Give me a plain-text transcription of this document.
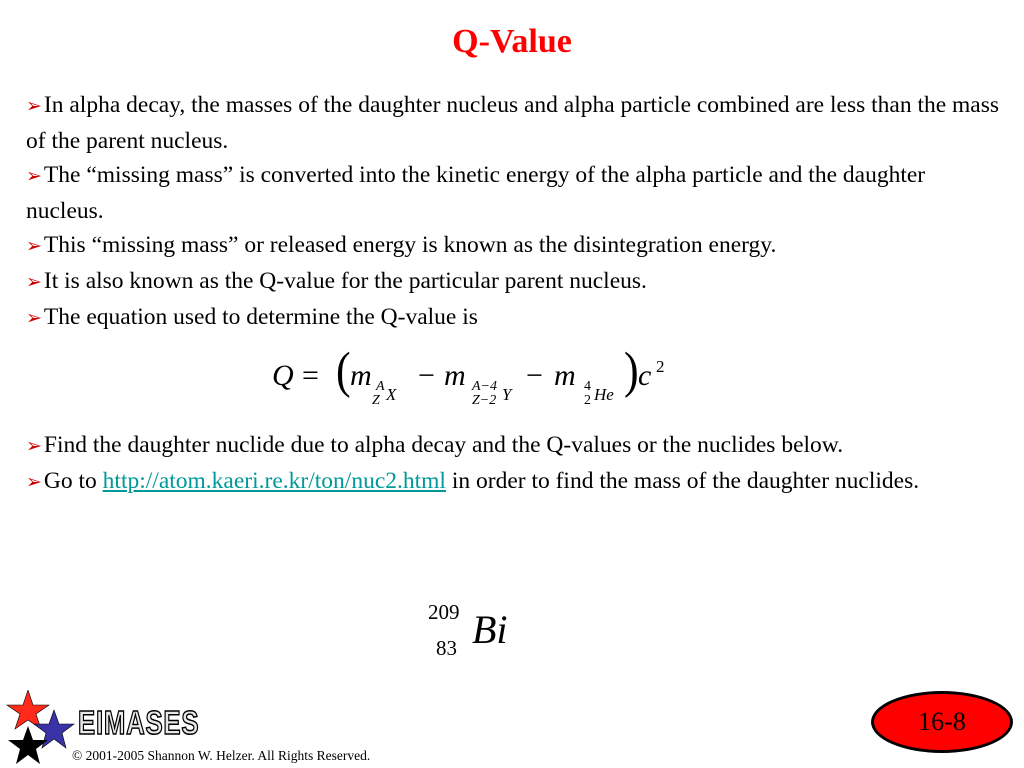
Q-Value
➢In alpha decay, the masses of the daughter nucleus and alpha particle combined are less than the mass of the parent nucleus.
➢The “missing mass” is converted into the kinetic energy of the alpha particle and the daughter nucleus.
➢This “missing mass” or released energy is known as the disintegration energy.
➢It is also known as the Q-value for the particular parent nucleus.
➢The equation used to determine the Q-value is
Q = ( m A
Z X
− m A−4
Z−2 Y
− m 4
2 He ) c 2
➢Find the daughter nuclide due to alpha decay and the Q-values or the nuclides below.
➢Go to http://atom.kaeri.re.kr/ton/nuc2.html in order to find the mass of the daughter nuclides.
209
83 Bi
EIMASES
© 2001-2005 Shannon W. Helzer. All Rights Reserved.
16-8
